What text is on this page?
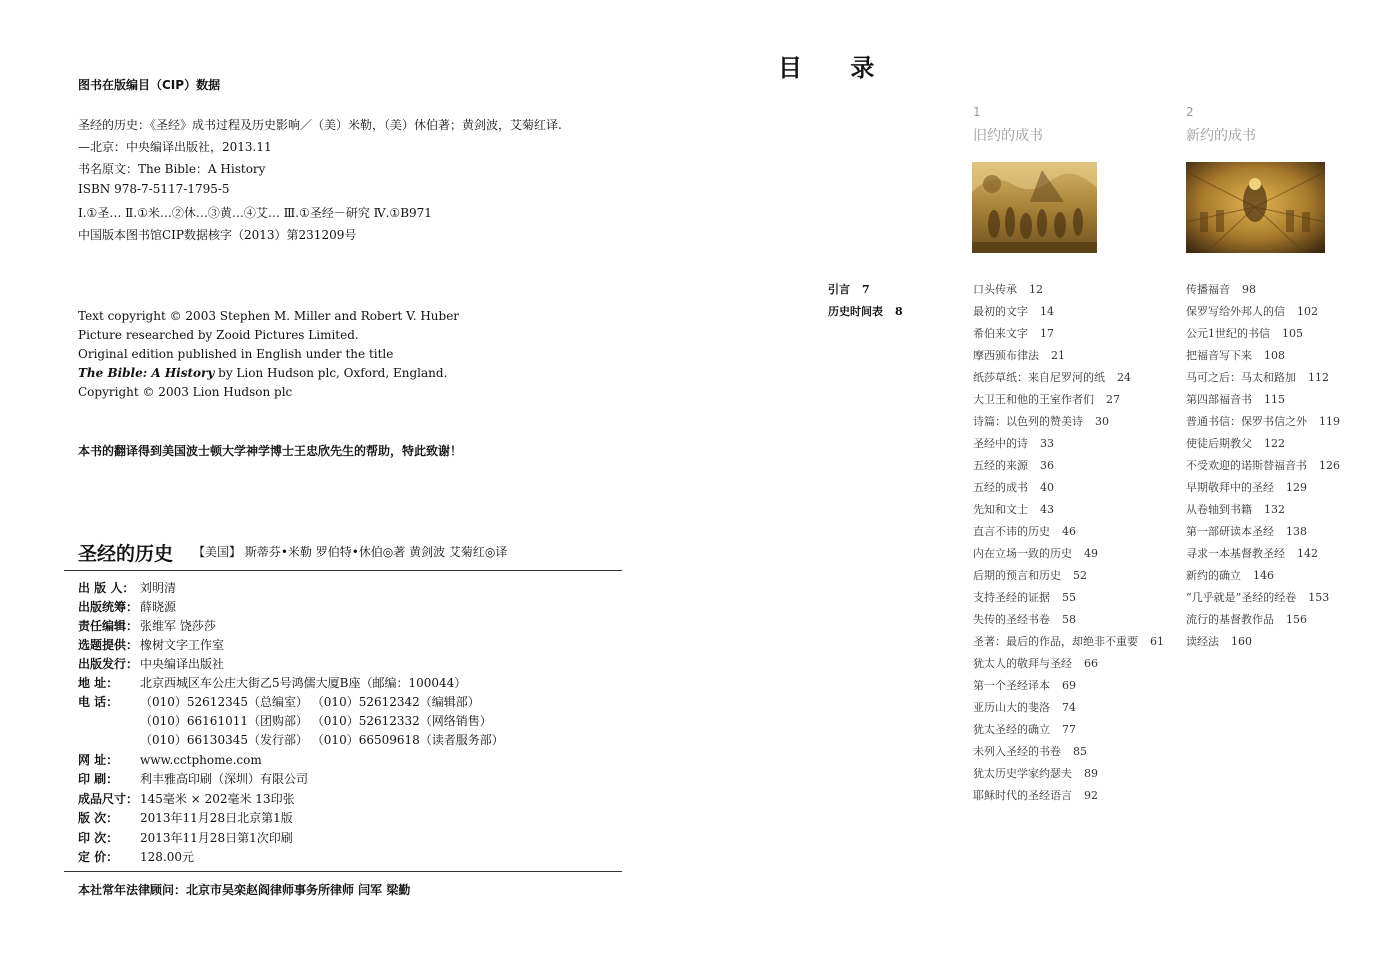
图书在版编目（CIP）数据
圣经的历史：《圣经》成书过程及历史影响／（美）米勒，（美）休伯著；黄剑波，艾菊红译.
—北京：中央编译出版社，2013.11
书名原文：The Bible：A History
ISBN 978-7-5117-1795-5
Ⅰ.①圣… Ⅱ.①米…②休…③黄…④艾… Ⅲ.①圣经－研究 Ⅳ.①B971
中国版本图书馆CIP数据核字（2013）第231209号
Text copyright © 2003 Stephen M. Miller and Robert V. Huber
Picture researched by Zooid Pictures Limited.
Original edition published in English under the title
The Bible: A History by Lion Hudson plc, Oxford, England.
Copyright © 2003 Lion Hudson plc
本书的翻译得到美国波士顿大学神学博士王忠欣先生的帮助，特此致谢！
圣经的历史 【美国】 斯蒂芬•米勒 罗伯特•休伯◎著 黄剑波 艾菊红◎译
出 版 人： 刘明清
出版统筹： 薛晓源
责任编辑： 张维军 饶莎莎
选题提供： 橡树文字工作室
出版发行： 中央编译出版社
地 址： 北京西城区车公庄大街乙5号鸿儒大厦B座（邮编：100044）
电 话： （010）52612345（总编室） （010）52612342（编辑部）
（010）66161011（团购部） （010）52612332（网络销售）
（010）66130345（发行部） （010）66509618（读者服务部）
网 址： www.cctphome.com
印 刷： 利丰雅高印刷（深圳）有限公司
成品尺寸： 145毫米 × 202毫米 13印张
版 次： 2013年11月28日北京第1版
印 次： 2013年11月28日第1次印刷
定 价： 128.00元
本社常年法律顾问：北京市吴栾赵阎律师事务所律师 闫军 梁勤
目 录
1
旧约的成书
2
新约的成书
引言 7
历史时间表 8
口头传承 12
最初的文字 14
希伯来文字 17
摩西颁布律法 21
纸莎草纸：来自尼罗河的纸 24
大卫王和他的王室作者们 27
诗篇：以色列的赞美诗 30
圣经中的诗 33
五经的来源 36
五经的成书 40
先知和文士 43
直言不讳的历史 46
内在立场一致的历史 49
后期的预言和历史 52
支持圣经的证据 55
失传的圣经书卷 58
圣著：最后的作品，却绝非不重要 61
犹太人的敬拜与圣经 66
第一个圣经译本 69
亚历山大的斐洛 74
犹太圣经的确立 77
未列入圣经的书卷 85
犹太历史学家约瑟夫 89
耶稣时代的圣经语言 92
传播福音 98
保罗写给外邦人的信 102
公元1世纪的书信 105
把福音写下来 108
马可之后：马太和路加 112
第四部福音书 115
普通书信：保罗书信之外 119
使徒后期教父 122
不受欢迎的诺斯替福音书 126
早期敬拜中的圣经 129
从卷轴到书籍 132
第一部研读本圣经 138
寻求一本基督教圣经 142
新约的确立 146
“几乎就是”圣经的经卷 153
流行的基督教作品 156
读经法 160
